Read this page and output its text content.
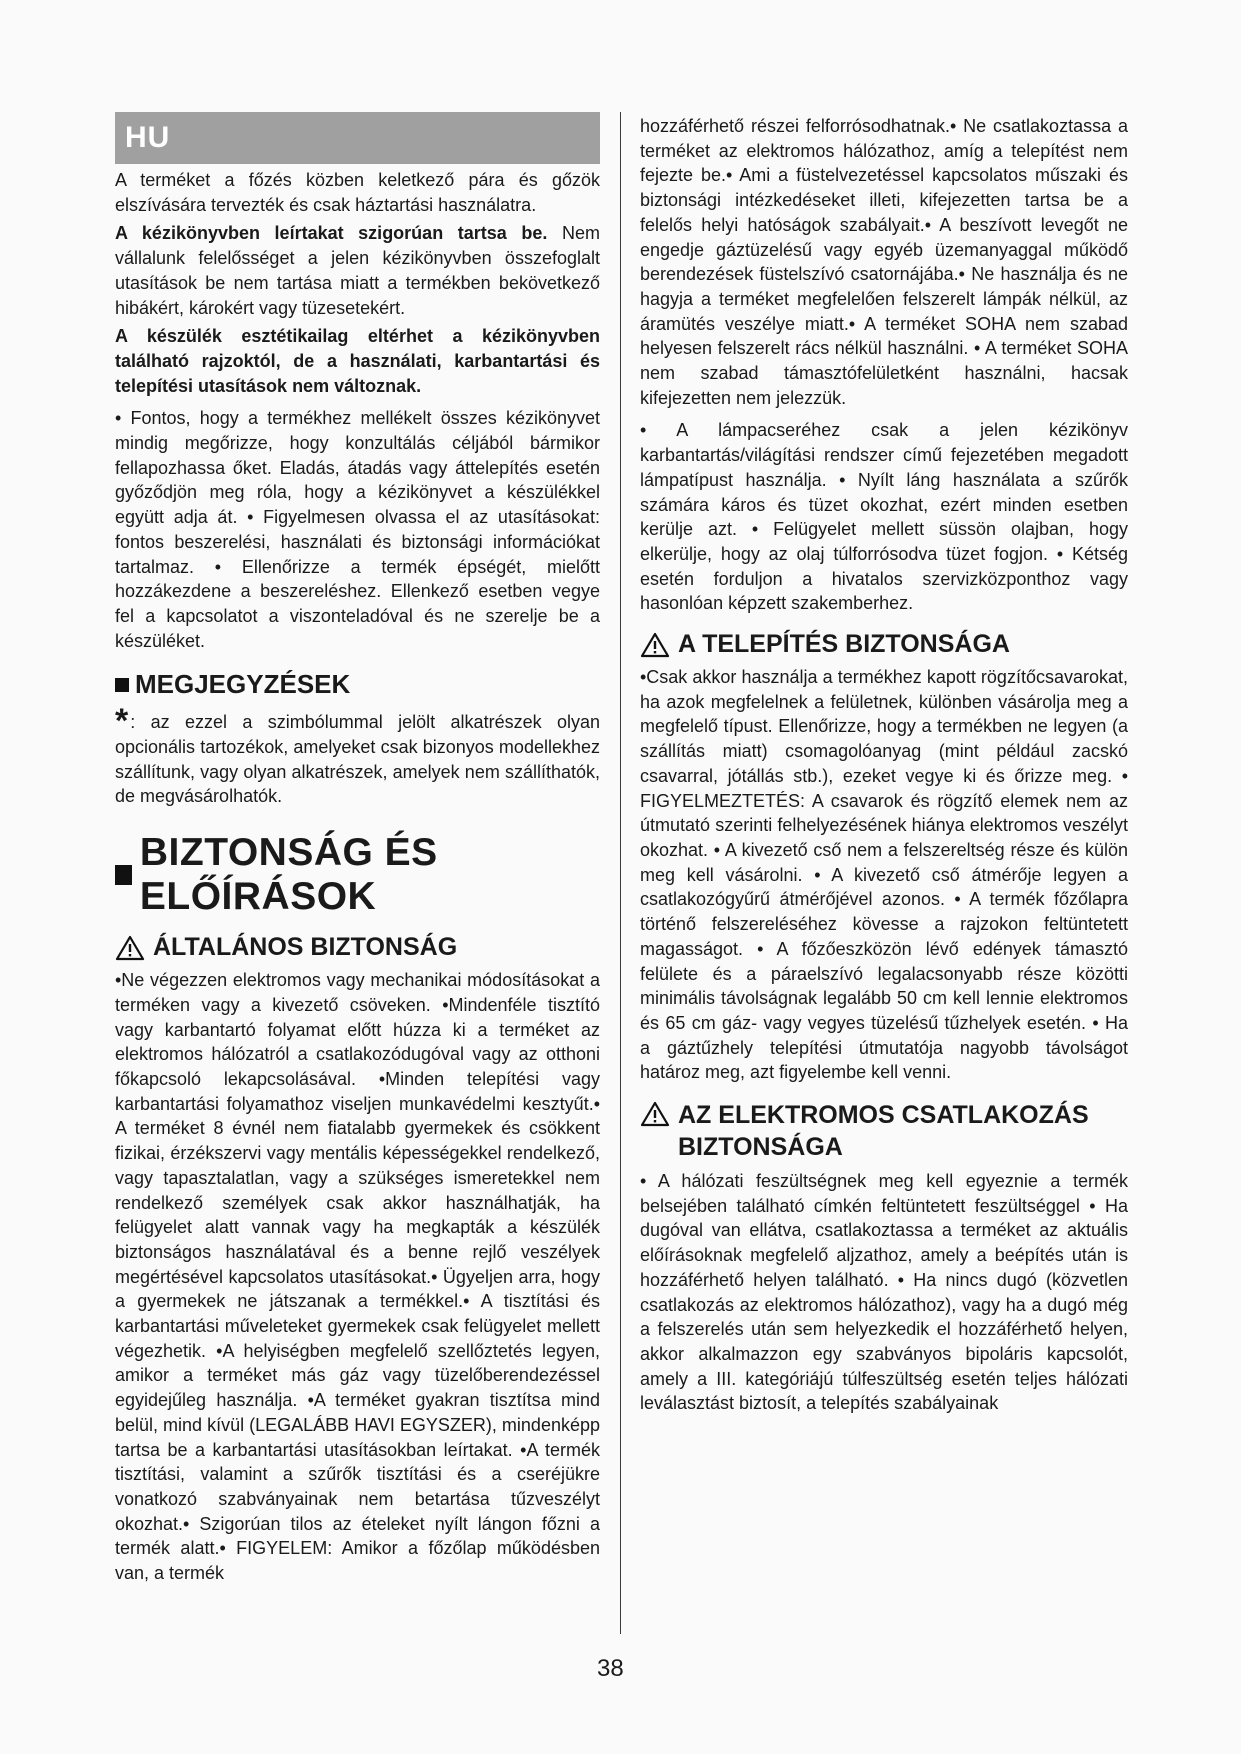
HU

A terméket a főzés közben keletkező pára és gőzök elszívására tervezték és csak háztartási használatra.

A kézikönyvben leírtakat szigorúan tartsa be. Nem vállalunk felelősséget a jelen kézikönyvben összefoglalt utasítások be nem tartása miatt a termékben bekövetkező hibákért, károkért vagy tüzesetekért.

A készülék esztétikailag eltérhet a kézikönyvben található rajzoktól, de a használati, karbantartási és telepítési utasítások nem változnak.

• Fontos, hogy a termékhez mellékelt összes kézikönyvet mindig megőrizze, hogy konzultálás céljából bármikor fellapozhassa őket. Eladás, átadás vagy áttelepítés esetén győződjön meg róla, hogy a kézikönyvet a készülékkel együtt adja át. • Figyelmesen olvassa el az utasításokat: fontos beszerelési, használati és biztonsági információkat tartalmaz. • Ellenőrizze a termék épségét, mielőtt hozzákezdene a beszereléshez. Ellenkező esetben vegye fel a kapcsolatot a viszonteladóval és ne szerelje be a készüléket.

MEGJEGYZÉSEK

* : az ezzel a szimbólummal jelölt alkatrészek olyan opcionális tartozékok, amelyeket csak bizonyos modellekhez szállítunk, vagy olyan alkatrészek, amelyek nem szállíthatók, de megvásárolhatók.

BIZTONSÁG ÉS ELŐÍRÁSOK
ÁLTALÁNOS BIZTONSÁG

•Ne végezzen elektromos vagy mechanikai módosításokat a terméken vagy a kivezető csöveken. •Mindenféle tisztító vagy karbantartó folyamat előtt húzza ki a terméket az elektromos hálózatról a csatlakozódugóval vagy az otthoni főkapcsoló lekapcsolásával. •Minden telepítési vagy karbantartási folyamathoz viseljen munkavédelmi kesztyűt.• A terméket 8 évnél nem fiatalabb gyermekek és csökkent fizikai, érzékszervi vagy mentális képességekkel rendelkező, vagy tapasztalatlan, vagy a szükséges ismeretekkel nem rendelkező személyek csak akkor használhatják, ha felügyelet alatt vannak vagy ha megkapták a készülék biztonságos használatával és a benne rejlő veszélyek megértésével kapcsolatos utasításokat.• Ügyeljen arra, hogy a gyermekek ne játszanak a termékkel.• A tisztítási és karbantartási műveleteket gyermekek csak felügyelet mellett végezhetik. •A helyiségben megfelelő szellőztetés legyen, amikor a terméket más gáz vagy tüzelőberendezéssel egyidejűleg használja. •A terméket gyakran tisztítsa mind belül, mind kívül (LEGALÁBB HAVI EGYSZER), mindenképp tartsa be a karbantartási utasításokban leírtakat. •A termék tisztítási, valamint a szűrők tisztítási és a cseréjükre vonatkozó szabványainak nem betartása tűzveszélyt okozhat.• Szigorúan tilos az ételeket nyílt lángon főzni a termék alatt.• FIGYELEM: Amikor a főzőlap működésben van, a termék

hozzáférhető részei felforrósodhatnak.• Ne csatlakoztassa a terméket az elektromos hálózathoz, amíg a telepítést nem fejezte be.• Ami a füstelvezetéssel kapcsolatos műszaki és biztonsági intézkedéseket illeti, kifejezetten tartsa be a felelős helyi hatóságok szabályait.• A beszívott levegőt ne engedje gáztüzelésű vagy egyéb üzemanyaggal működő berendezések füstelszívó csatornájába.• Ne használja és ne hagyja a terméket megfelelően felszerelt lámpák nélkül, az áramütés veszélye miatt.• A terméket SOHA nem szabad helyesen felszerelt rács nélkül használni. • A terméket SOHA nem szabad támasztófelületként használni, hacsak kifejezetten nem jelezzük.

• A lámpacseréhez csak a jelen kézikönyv karbantartás/világítási rendszer című fejezetében megadott lámpatípust használja. • Nyílt láng használata a szűrők számára káros és tüzet okozhat, ezért minden esetben kerülje azt. • Felügyelet mellett süssön olajban, hogy elkerülje, hogy az olaj túlforrósodva tüzet fogjon. • Kétség esetén forduljon a hivatalos szervizközponthoz vagy hasonlóan képzett szakemberhez.

A TELEPÍTÉS BIZTONSÁGA

•Csak akkor használja a termékhez kapott rögzítőcsavarokat, ha azok megfelelnek a felületnek, különben vásárolja meg a megfelelő típust. Ellenőrizze, hogy a termékben ne legyen (a szállítás miatt) csomagolóanyag (mint például zacskó csavarral, jótállás stb.), ezeket vegye ki és őrizze meg. • FIGYELMEZTETÉS: A csavarok és rögzítő elemek nem az útmutató szerinti felhelyezésének hiánya elektromos veszélyt okozhat. • A kivezető cső nem a felszereltség része és külön meg kell vásárolni. • A kivezető cső átmérője legyen a csatlakozógyűrű átmérőjével azonos. • A termék főzőlapra történő felszereléséhez kövesse a rajzokon feltüntetett magasságot. • A főzőeszközön lévő edények támasztó felülete és a páraelszívó legalacsonyabb része közötti minimális távolságnak legalább 50 cm kell lennie elektromos és 65 cm gáz- vagy vegyes tüzelésű tűzhelyek esetén. • Ha a gáztűzhely telepítési útmutatója nagyobb távolságot határoz meg, azt figyelembe kell venni.

AZ ELEKTROMOS CSATLAKOZÁS BIZTONSÁGA

• A hálózati feszültségnek meg kell egyeznie a termék belsejében található címkén feltüntetett feszültséggel • Ha dugóval van ellátva, csatlakoztassa a terméket az aktuális előírásoknak megfelelő aljzathoz, amely a beépítés után is hozzáférhető helyen található. • Ha nincs dugó (közvetlen csatlakozás az elektromos hálózathoz), vagy ha a dugó még a felszerelés után sem helyezkedik el hozzáférhető helyen, akkor alkalmazzon egy szabványos bipoláris kapcsolót, amely a III. kategóriájú túlfeszültség esetén teljes hálózati leválasztást biztosít, a telepítés szabályainak

38
